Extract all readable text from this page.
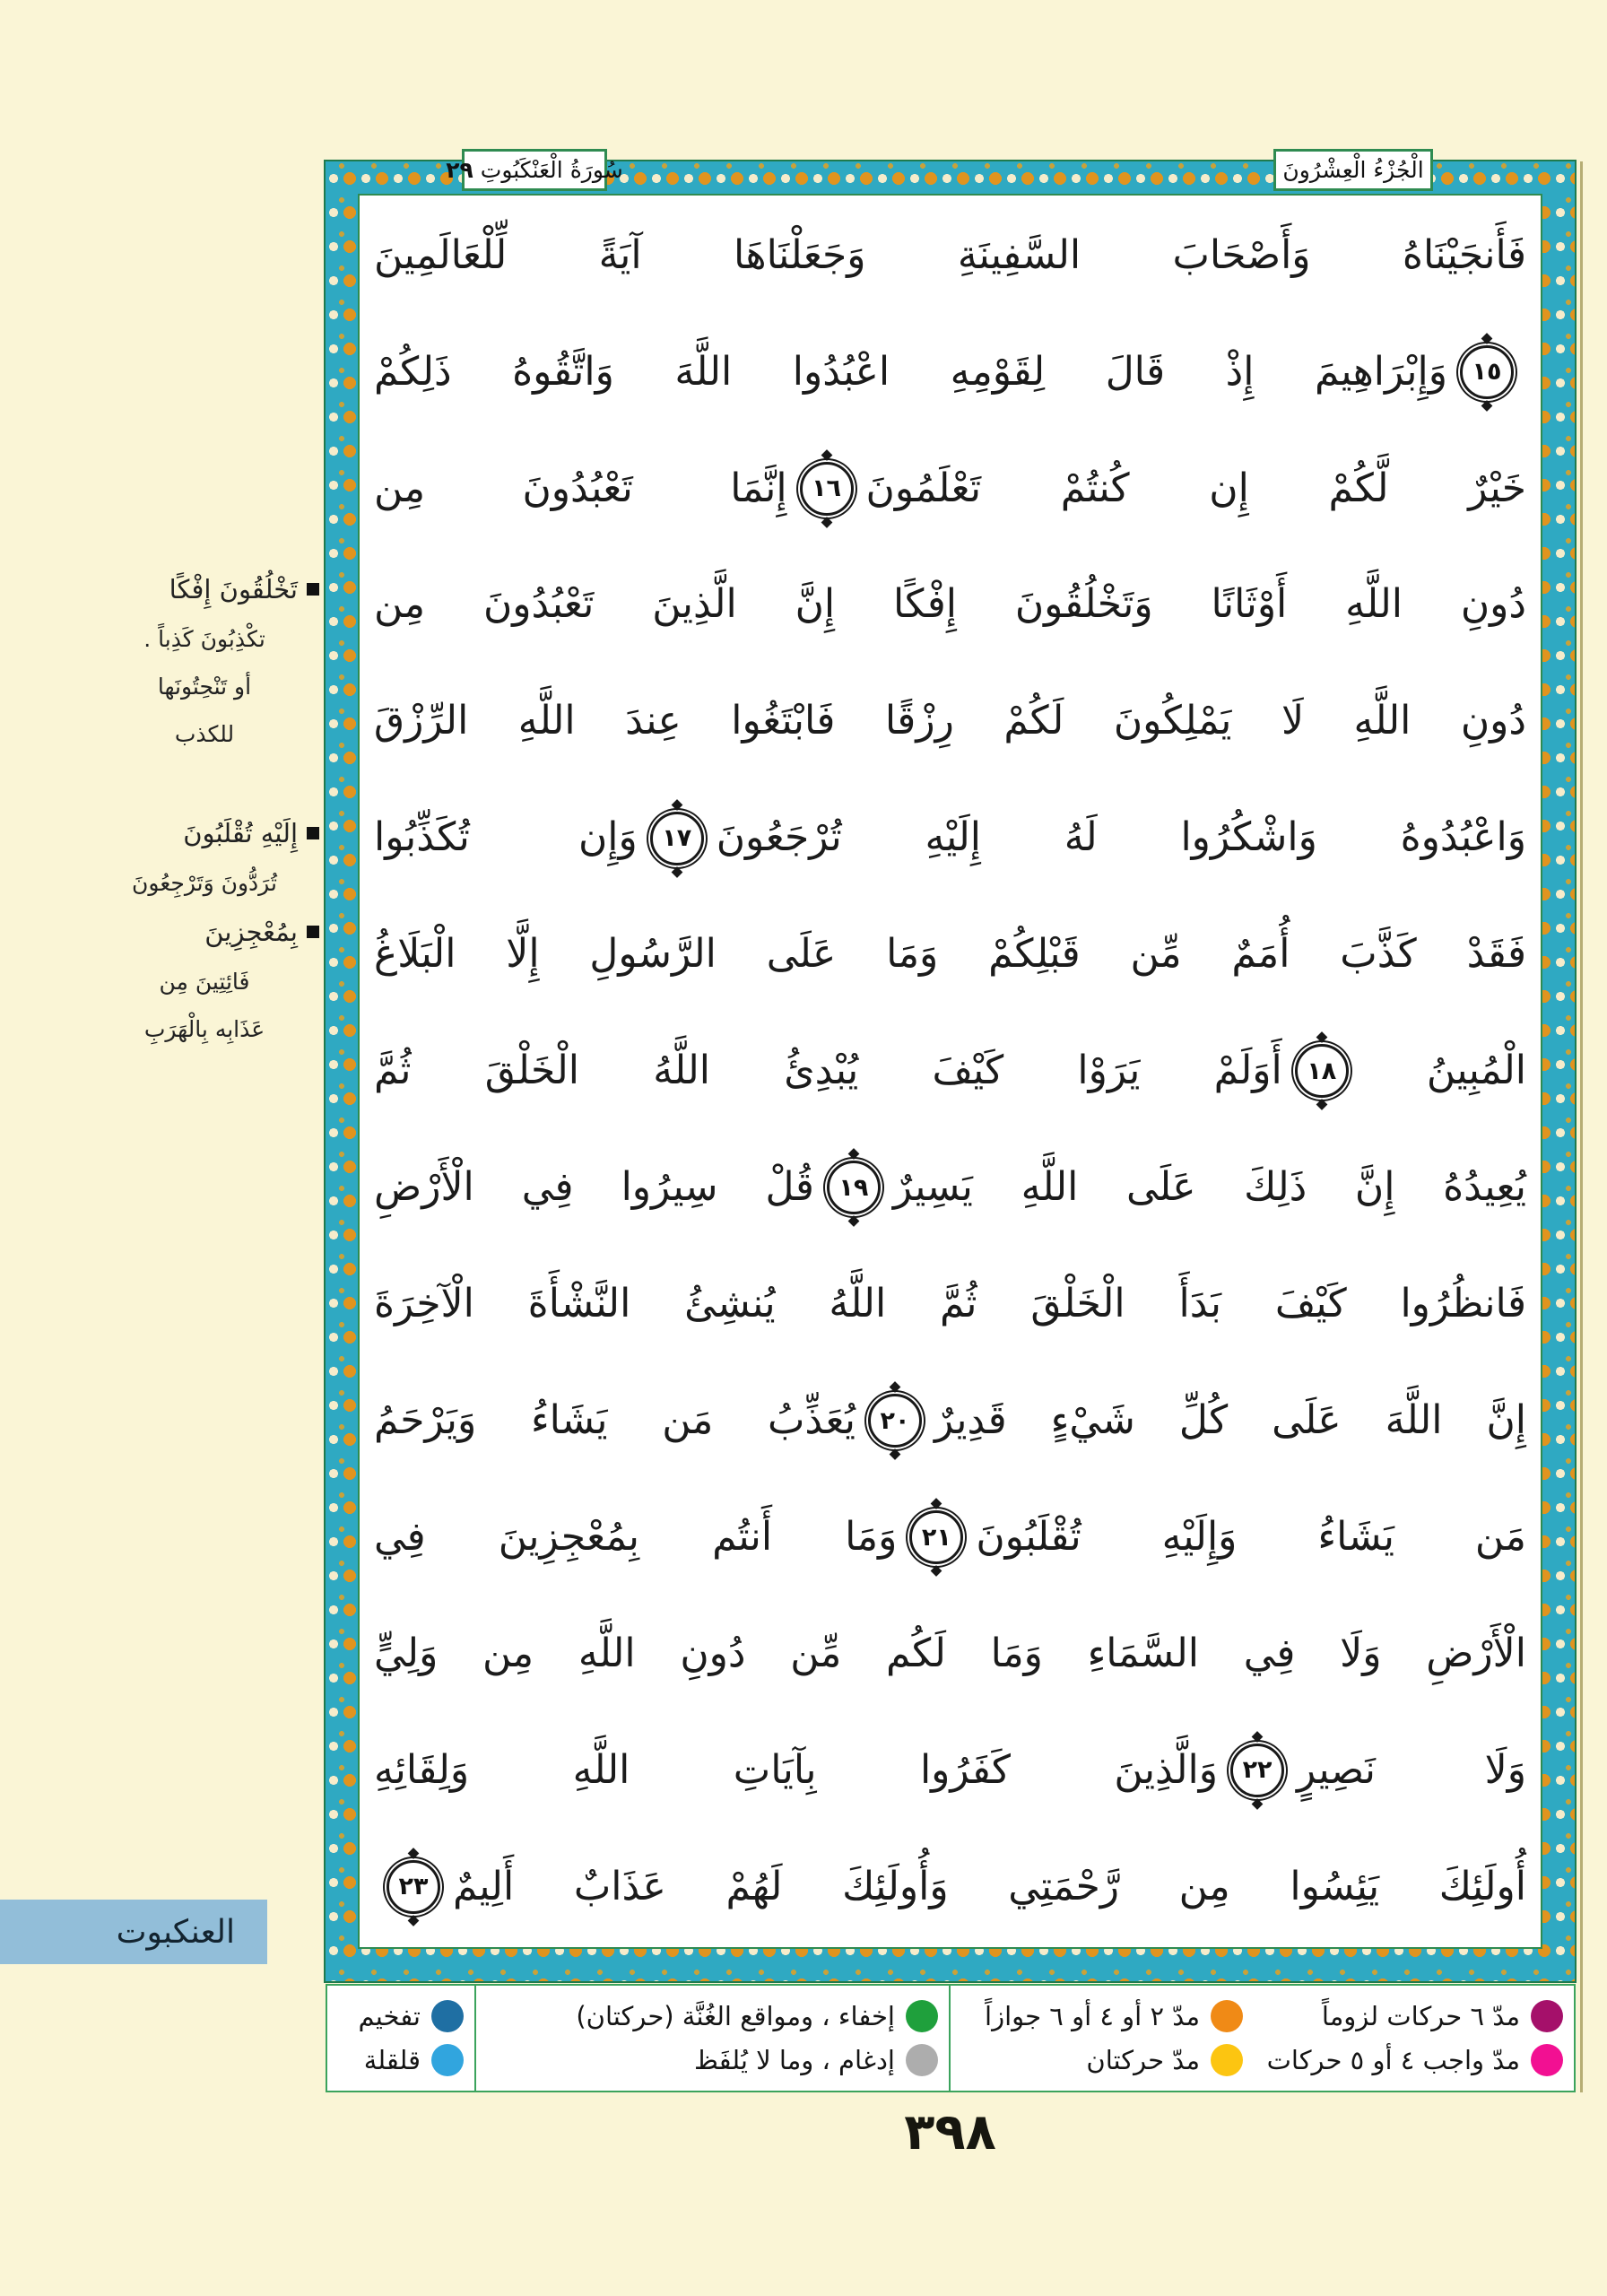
فَأَنجَيْنَاهُ وَأَصْحَابَ السَّفِينَةِ وَجَعَلْنَاهَا آيَةً لِّلْعَالَمِينَ
١٥
وَإِبْرَاهِيمَ إِذْ قَالَ لِقَوْمِهِ اعْبُدُوا اللَّهَ وَاتَّقُوهُ ذَلِكُمْ
خَيْرٌ لَّكُمْ إِن كُنتُمْ تَعْلَمُونَ
١٦
إِنَّمَا تَعْبُدُونَ مِن
دُونِ اللَّهِ أَوْثَانًا وَتَخْلُقُونَ إِفْكًا إِنَّ الَّذِينَ تَعْبُدُونَ مِن
دُونِ اللَّهِ لَا يَمْلِكُونَ لَكُمْ رِزْقًا فَابْتَغُوا عِندَ اللَّهِ الرِّزْقَ
وَاعْبُدُوهُ وَاشْكُرُوا لَهُ إِلَيْهِ تُرْجَعُونَ
١٧
وَإِن تُكَذِّبُوا
فَقَدْ كَذَّبَ أُمَمٌ مِّن قَبْلِكُمْ وَمَا عَلَى الرَّسُولِ إِلَّا الْبَلَاغُ
الْمُبِينُ
١٨
أَوَلَمْ يَرَوْا كَيْفَ يُبْدِئُ اللَّهُ الْخَلْقَ ثُمَّ
يُعِيدُهُ إِنَّ ذَلِكَ عَلَى اللَّهِ يَسِيرٌ
١٩
قُلْ سِيرُوا فِي الْأَرْضِ
فَانظُرُوا كَيْفَ بَدَأَ الْخَلْقَ ثُمَّ اللَّهُ يُنشِئُ النَّشْأَةَ الْآخِرَةَ
إِنَّ اللَّهَ عَلَى كُلِّ شَيْءٍ قَدِيرٌ
٢٠
يُعَذِّبُ مَن يَشَاءُ وَيَرْحَمُ
مَن يَشَاءُ وَإِلَيْهِ تُقْلَبُونَ
٢١
وَمَا أَنتُم بِمُعْجِزِينَ فِي
الْأَرْضِ وَلَا فِي السَّمَاءِ وَمَا لَكُم مِّن دُونِ اللَّهِ مِن وَلِيٍّ
وَلَا نَصِيرٍ
٢٢
وَالَّذِينَ كَفَرُوا بِآيَاتِ اللَّهِ وَلِقَائِهِ
أُولَئِكَ يَئِسُوا مِن رَّحْمَتِي وَأُولَئِكَ لَهُمْ عَذَابٌ أَلِيمٌ
٢٣
سُورَةُ الْعَنْكَبُوتِ
٢٩	الْجُزْءُ الْعِشْرُونَ
تَخْلُقُونَ إِفْكًا
تكْذِبُونَ كَذِباً .
أو تَنْحِتُونَها
للكذب
إِلَيْهِ تُقْلَبُونَ
تُرَدُّونَ وَتَرْجِعُونَ
بِمُعْجِزِينَ
فَائِتِينَ مِن
عَذَابِه بِالْهَرَبِ
العنكبوت
مدّ ٦ حركات لزوماً
مدّ واجب ٤ أو ٥ حركات
مدّ ٢ أو ٤ أو ٦ جوازاً
مدّ حركتان
إخفاء ، ومواقع الغُنَّة (حركتان)
إدغام ، وما لا يُلفَظ
تفخيم
قلقلة
٣٩٨
